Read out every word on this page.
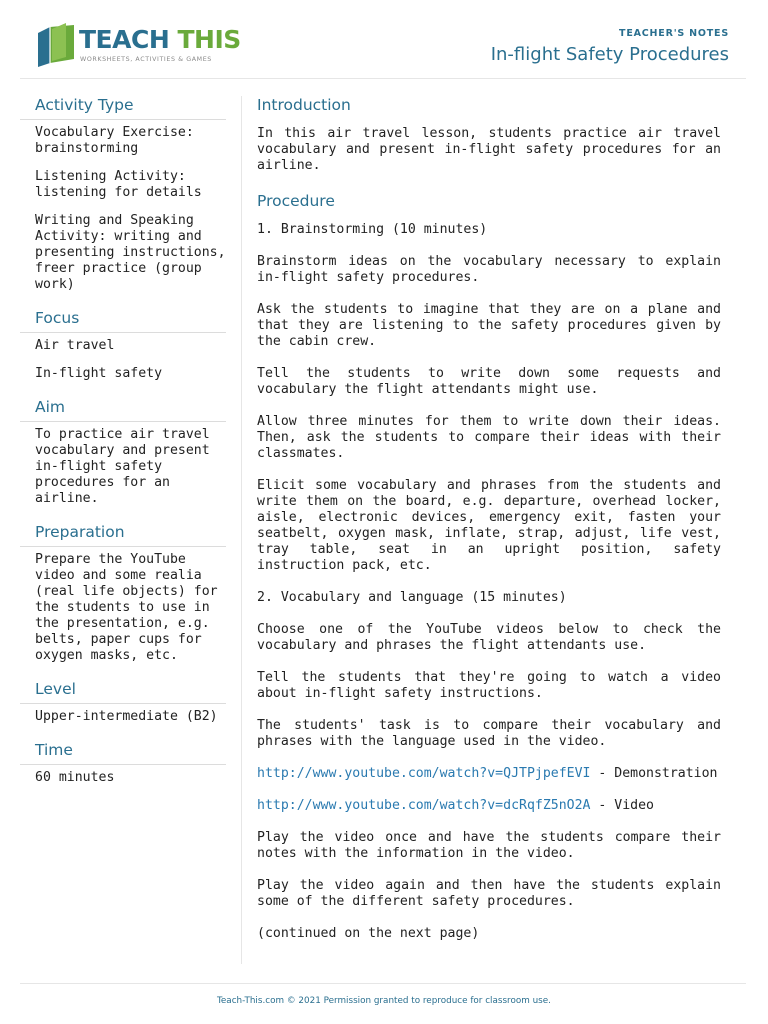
TEACH THIS
WORKSHEETS, ACTIVITIES & GAMES
TEACHER'S NOTES
In-flight Safety Procedures
Activity Type
Vocabulary Exercise: brainstorming
Listening Activity: listening for details
Writing and Speaking Activity: writing and presenting instructions, freer practice (group work)
Focus
Air travel
In-flight safety
Aim
To practice air travel vocabulary and present in-flight safety procedures for an airline.
Preparation
Prepare the YouTube video and some realia (real life objects) for the students to use in the presentation, e.g. belts, paper cups for oxygen masks, etc.
Level
Upper-intermediate (B2)
Time
60 minutes
Introduction

In this air travel lesson, students practice air travel vocabulary and present in-flight safety procedures for an airline.

Procedure

1. Brainstorming (10 minutes)

Brainstorm ideas on the vocabulary necessary to explain in-flight safety procedures.

Ask the students to imagine that they are on a plane and that they are listening to the safety procedures given by the cabin crew.

Tell the students to write down some requests and vocabulary the flight attendants might use.

Allow three minutes for them to write down their ideas. Then, ask the students to compare their ideas with their classmates.

Elicit some vocabulary and phrases from the students and write them on the board, e.g. departure, overhead locker, aisle, electronic devices, emergency exit, fasten your seatbelt, oxygen mask, inflate, strap, adjust, life vest, tray table, seat in an upright position, safety instruction pack, etc.

2. Vocabulary and language (15 minutes)

Choose one of the YouTube videos below to check the vocabulary and phrases the flight attendants use.

Tell the students that they're going to watch a video about in-flight safety instructions.

The students' task is to compare their vocabulary and phrases with the language used in the video.

http://www.youtube.com/watch?v=QJTPjpefEVI - Demonstration

http://www.youtube.com/watch?v=dcRqfZ5nO2A - Video

Play the video once and have the students compare their notes with the information in the video.

Play the video again and then have the students explain some of the different safety procedures.

(continued on the next page)

Teach-This.com © 2021 Permission granted to reproduce for classroom use.
